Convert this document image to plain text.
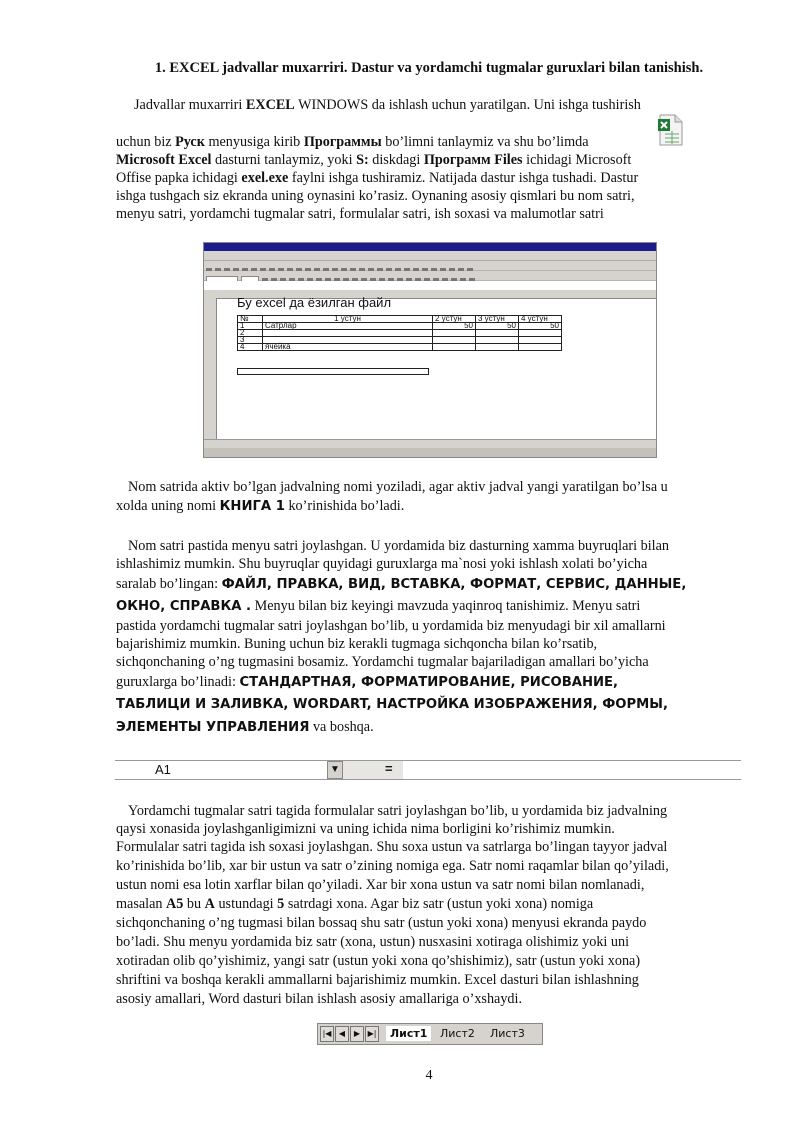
1. EXCEL jadvallar muxarriri. Dastur va yordamchi tugmalar guruxlari bilan tanishish.
Jadvallar muxarriri EXCEL WINDOWS da ishlash uchun yaratilgan. Uni ishga tushirish
uchun biz Руск menyusiga kirib Программы bo’limni tanlaymiz va shu bo’limda
Microsoft Excel dasturni tanlaymiz, yoki S: diskdagi Программ Files ichidagi Microsoft
Offise papka ichidagi exel.exe faylni ishga tushiramiz. Natijada dastur ishga tushadi. Dastur
ishga tushgach siz ekranda uning oynasini ko’rasiz. Oynaning asosiy qismlari bu nom satri,
menyu satri, yordamchi tugmalar satri, formulalar satri, ish soxasi va malumotlar satri
Бу excel да ёзилган файл
№	1 устун	2 устун	3 устун	4 устун
1	Сатрлар	50	50	50
2				
3				
4	ячейка			
Nom satrida aktiv bo’lgan jadvalning nomi yoziladi, agar aktiv jadval yangi yaratilgan bo’lsa u
xolda uning nomi КНИГА 1 ko’rinishida bo’ladi.
Nom satri pastida menyu satri joylashgan. U yordamida biz dasturning xamma buyruqlari bilan
ishlashimiz mumkin. Shu buyruqlar quyidagi guruxlarga ma`nosi yoki ishlash xolati bo’yicha
saralab bo’lingan: ФАЙЛ, ПРАВКА, ВИД, ВСТАВКА, ФОРМАТ, СЕРВИС, ДАННЫЕ,
ОКНО, СПРАВКА . Menyu bilan biz keyingi mavzuda yaqinroq tanishimiz. Menyu satri
pastida yordamchi tugmalar satri joylashgan bo’lib, u yordamida biz menyudagi bir xil amallarni
bajarishimiz mumkin. Buning uchun biz kerakli tugmaga sichqoncha bilan ko’rsatib,
sichqonchaning o’ng tugmasini bosamiz. Yordamchi tugmalar bajariladigan amallari bo’yicha
guruxlarga bo’linadi: СТАНДАРТНАЯ, ФОРМАТИРОВАНИЕ, РИСОВАНИЕ,
ТАБЛИЦИ И ЗАЛИВКА, WORDART, НАСТРОЙКА ИЗОБРАЖЕНИЯ, ФОРМЫ,
ЭЛЕМЕНТЫ УПРАВЛЕНИЯ va boshqa.
A1	▼	=
Yordamchi tugmalar satri tagida formulalar satri joylashgan bo’lib, u yordamida biz jadvalning
qaysi xonasida joylashganligimizni va uning ichida nima borligini ko’rishimiz mumkin.
Formulalar satri tagida ish soxasi joylashgan. Shu soxa ustun va satrlarga bo’lingan tayyor jadval
ko’rinishida bo’lib, xar bir ustun va satr o’zining nomiga ega. Satr nomi raqamlar bilan qo’yiladi,
ustun nomi esa lotin xarflar bilan qo’yiladi. Xar bir xona ustun va satr nomi bilan nomlanadi,
masalan A5 bu A ustundagi 5 satrdagi xona. Agar biz satr (ustun yoki xona) nomiga
sichqonchaning o’ng tugmasi bilan bossaq shu satr (ustun yoki xona) menyusi ekranda paydo
bo’ladi. Shu menyu yordamida biz satr (xona, ustun) nusxasini xotiraga olishimiz yoki uni
xotiradan olib qo’yishimiz, yangi satr (ustun yoki xona qo’shishimiz), satr (ustun yoki xona)
shriftini va boshqa kerakli ammallarni bajarishimiz mumkin. Excel dasturi bilan ishlashning
asosiy amallari, Word dasturi bilan ishlash asosiy amallariga o’xshaydi.
|◀ ◀	▶ ▶|	Лист1	Лист2 Лист3
4
